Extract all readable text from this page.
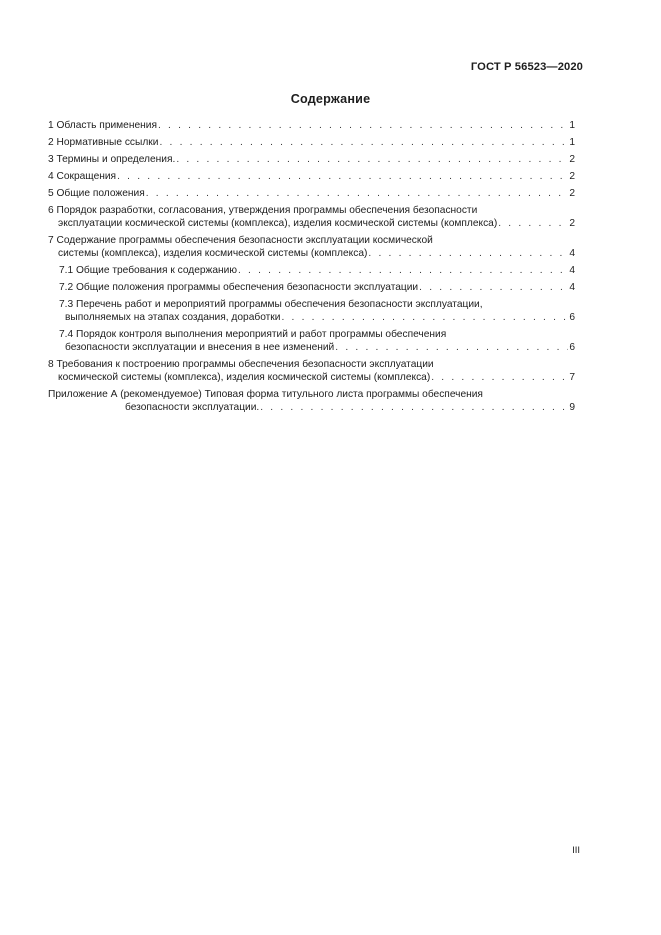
ГОСТ Р 56523—2020
Содержание
1 Область применения . . .	1
2 Нормативные ссылки . . .	1
3 Термины и определения. . . .	2
4 Сокращения . . .	2
5 Общие положения . . .	2
6 Порядок разработки, согласования, утверждения программы обеспечения безопасности
эксплуатации космической системы (комплекса), изделия космической системы (комплекса) . . .	2
7 Содержание программы обеспечения безопасности эксплуатации космической
системы (комплекса), изделия космической системы (комплекса) . . .	4
7.1 Общие требования к содержанию . . .	4
7.2 Общие положения программы обеспечения безопасности эксплуатации . . .	4
7.3 Перечень работ и мероприятий программы обеспечения безопасности эксплуатации,
выполняемых на этапах создания, доработки . . .	6
7.4 Порядок контроля выполнения мероприятий и работ программы обеспечения
безопасности эксплуатации и внесения в нее изменений . . .	6
8 Требования к построению программы обеспечения безопасности эксплуатации
космической системы (комплекса), изделия космической системы (комплекса) . . .	7
Приложение А (рекомендуемое) Типовая форма титульного листа программы обеспечения
безопасности эксплуатации. . . .	9
III
